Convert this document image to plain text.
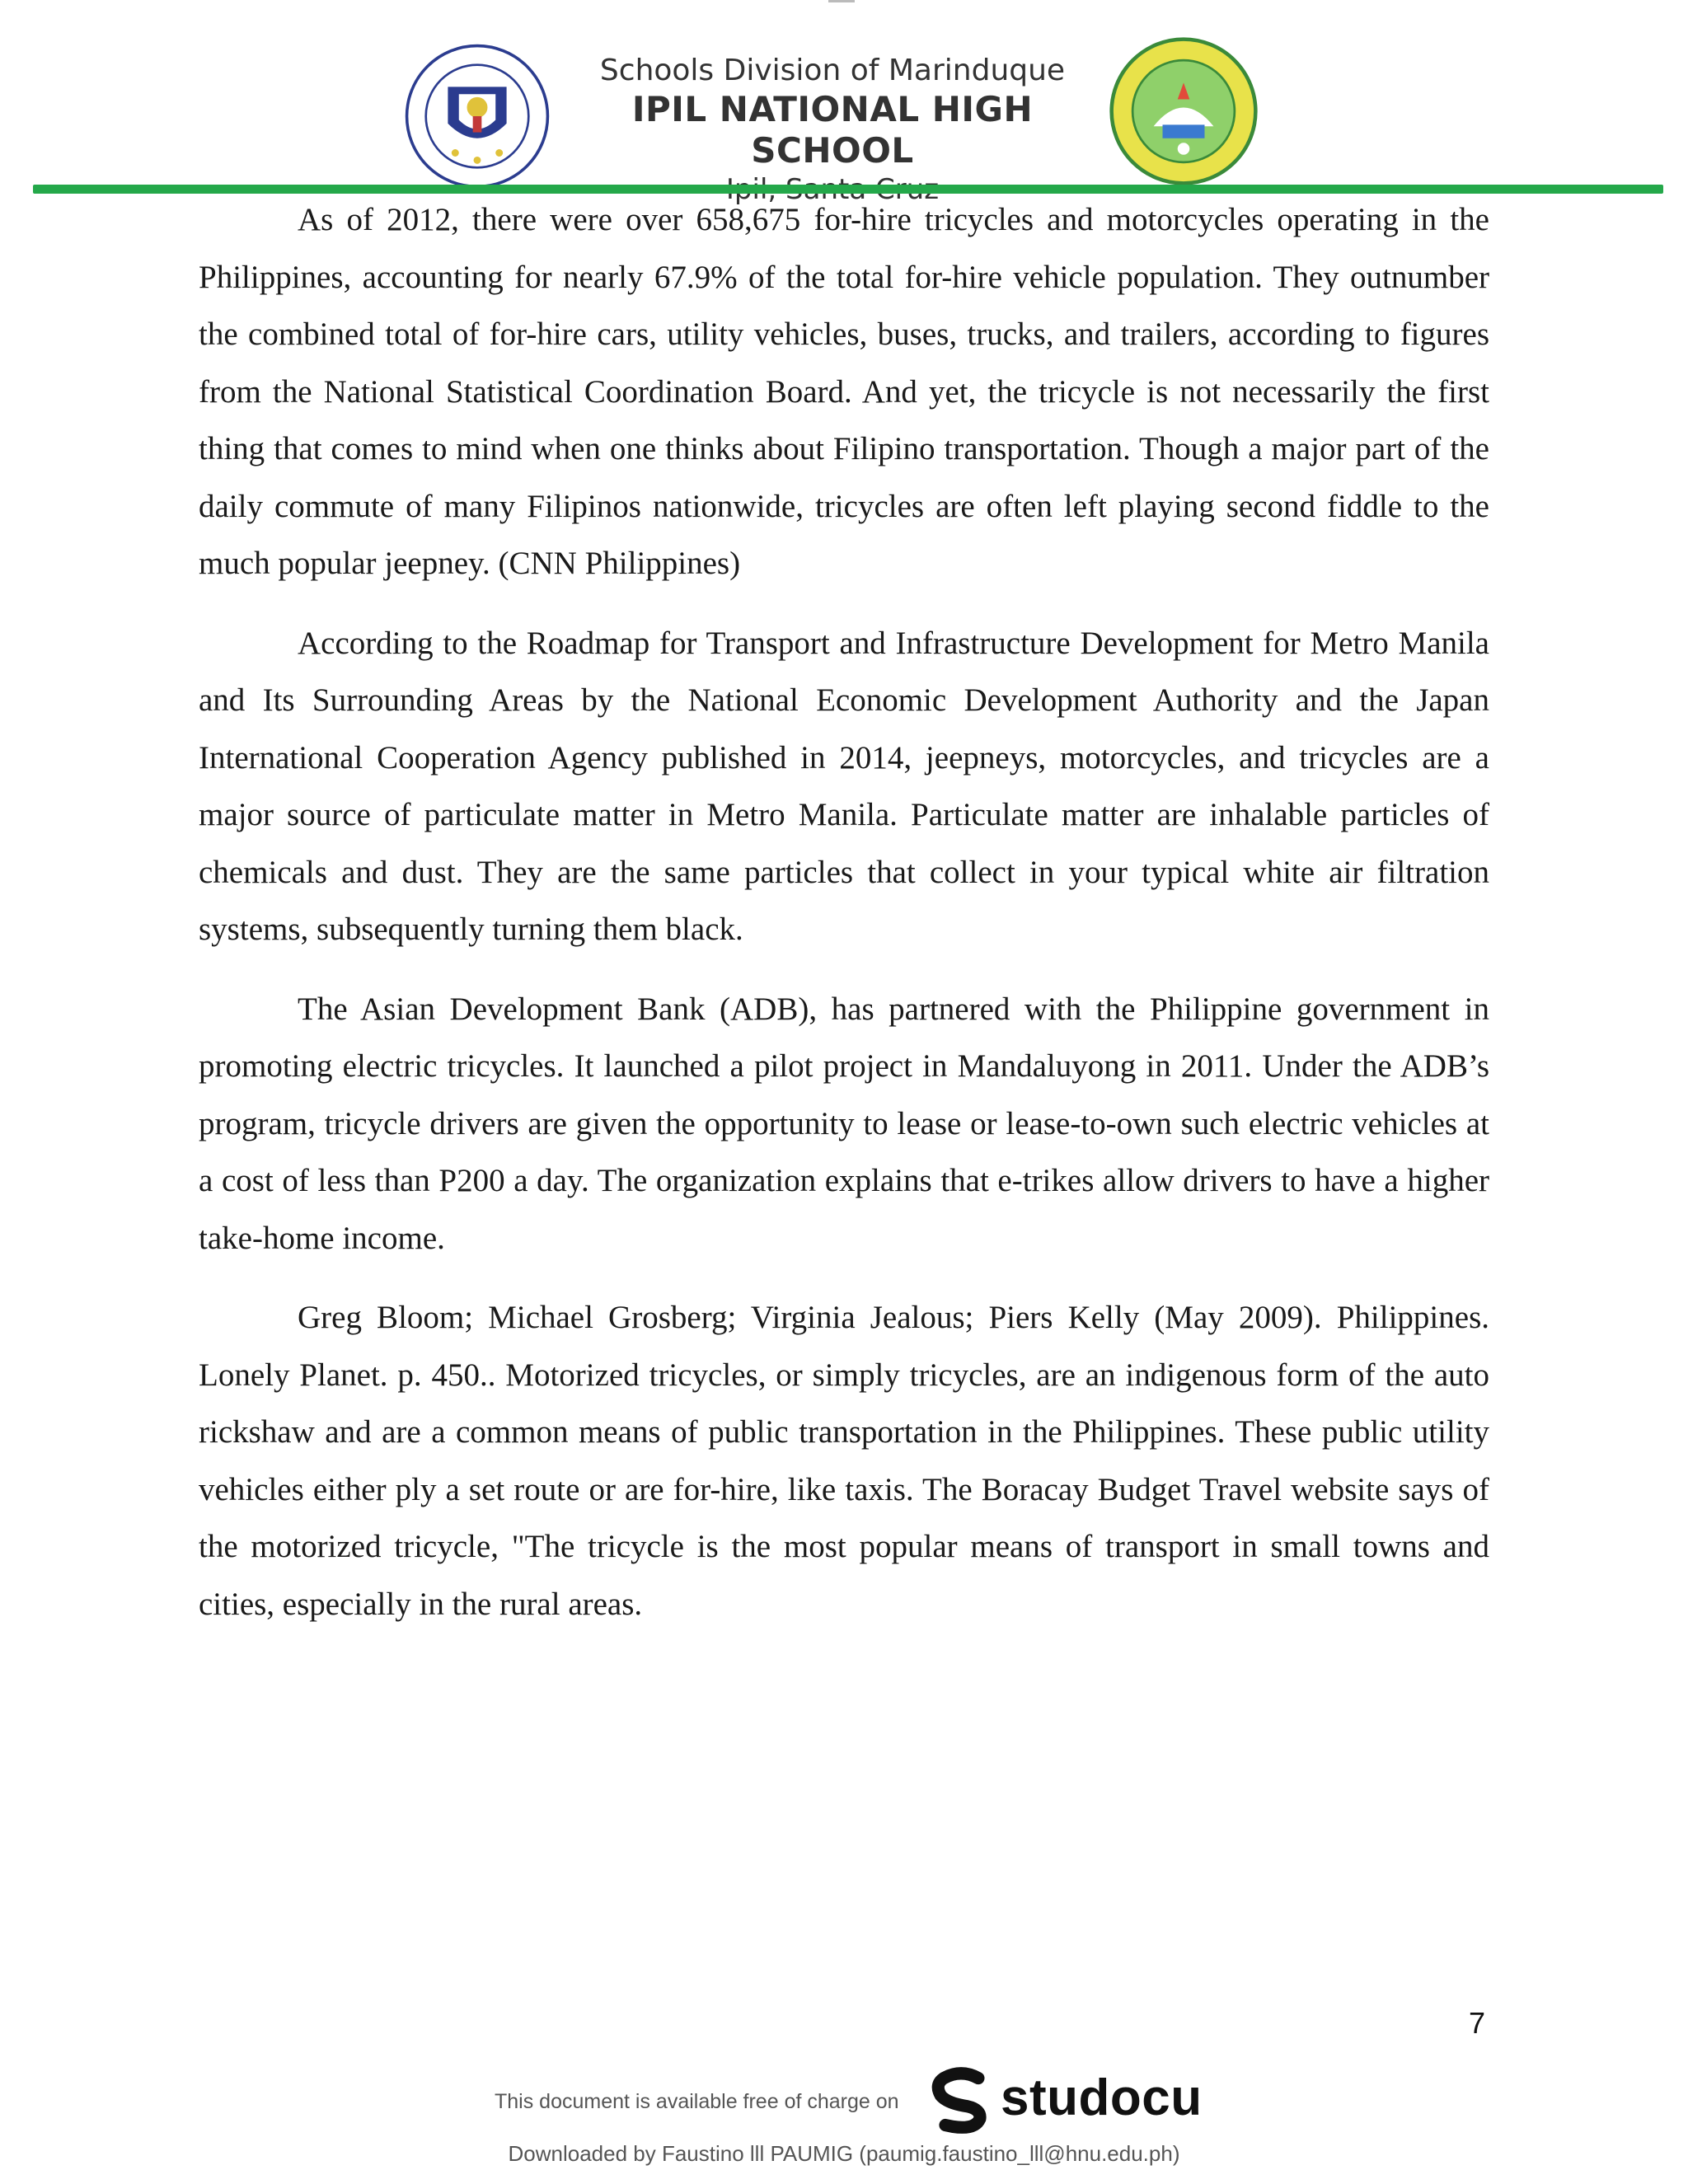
Schools Division of Marinduque
IPIL NATIONAL HIGH SCHOOL

As of 2012, there were over 658,675 for-hire tricycles and motorcycles operating in the Philippines, accounting for nearly 67.9% of the total for-hire vehicle population. They outnumber the combined total of for-hire cars, utility vehicles, buses, trucks, and trailers, according to figures from the National Statistical Coordination Board. And yet, the tricycle is not necessarily the first thing that comes to mind when one thinks about Filipino transportation. Though a major part of the daily commute of many Filipinos nationwide, tricycles are often left playing second fiddle to the much popular jeepney. (CNN Philippines)

According to the Roadmap for Transport and Infrastructure Development for Metro Manila and Its Surrounding Areas by the National Economic Development Authority and the Japan International Cooperation Agency published in 2014, jeepneys, motorcycles, and tricycles are a major source of particulate matter in Metro Manila. Particulate matter are inhalable particles of chemicals and dust. They are the same particles that collect in your typical white air filtration systems, subsequently turning them black.

The Asian Development Bank (ADB), has partnered with the Philippine government in promoting electric tricycles. It launched a pilot project in Mandaluyong in 2011. Under the ADB’s program, tricycle drivers are given the opportunity to lease or lease-to-own such electric vehicles at a cost of less than P200 a day. The organization explains that e-trikes allow drivers to have a higher take-home income.

Greg Bloom; Michael Grosberg; Virginia Jealous; Piers Kelly (May 2009). Philippines. Lonely Planet. p. 450.. Motorized tricycles, or simply tricycles, are an indigenous form of the auto rickshaw and are a common means of public transportation in the Philippines. These public utility vehicles either ply a set route or are for-hire, like taxis. The Boracay Budget Travel website says of the motorized tricycle, "The tricycle is the most popular means of transport in small towns and cities, especially in the rural areas.

7
This document is available free of charge on studocu
Downloaded by Faustino lll PAUMIG (paumig.faustino_lll@hnu.edu.ph)
